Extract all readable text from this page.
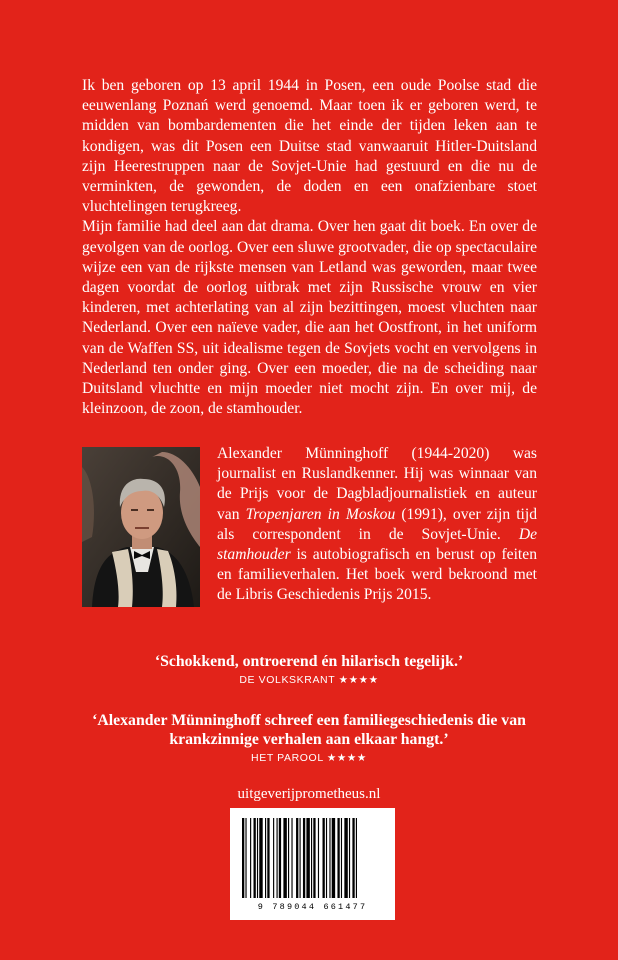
Ik ben geboren op 13 april 1944 in Posen, een oude Poolse stad die eeuwenlang Poznań werd genoemd. Maar toen ik er geboren werd, te midden van bombardementen die het einde der tijden leken aan te kondigen, was dit Posen een Duitse stad vanwaaruit Hitler-Duitsland zijn Heerestruppen naar de Sovjet-Unie had gestuurd en die nu de verminkten, de gewonden, de doden en een onafzienbare stoet vluchtelingen terugkreeg.

Mijn familie had deel aan dat drama. Over hen gaat dit boek. En over de gevolgen van de oorlog. Over een sluwe grootvader, die op spectaculaire wijze een van de rijkste mensen van Letland was geworden, maar twee dagen voordat de oorlog uitbrak met zijn Russische vrouw en vier kinderen, met achterlating van al zijn bezittingen, moest vluchten naar Nederland. Over een naïeve vader, die aan het Oostfront, in het uniform van de Waffen SS, uit idealisme tegen de Sovjets vocht en vervolgens in Nederland ten onder ging. Over een moeder, die na de scheiding naar Duitsland vluchtte en mijn moeder niet mocht zijn. En over mij, de kleinzoon, de zoon, de stamhouder.

Alexander Münninghoff (1944-2020) was journalist en Ruslandkenner. Hij was winnaar van de Prijs voor de Dagbladjournalistiek en auteur van Tropenjaren in Moskou (1991), over zijn tijd als correspondent in de Sovjet-Unie. De stamhouder is autobiografisch en berust op feiten en familieverhalen. Het boek werd bekroond met de Libris Geschiedenis Prijs 2015.

‘Schokkend, ontroerend én hilarisch tegelijk.’
DE VOLKSKRANT ★★★★
‘Alexander Münninghoff schreef een familiegeschiedenis die van krankzinnige verhalen aan elkaar hangt.’
HET PAROOL ★★★★
uitgeverijprometheus.nl
9 789044 661477
